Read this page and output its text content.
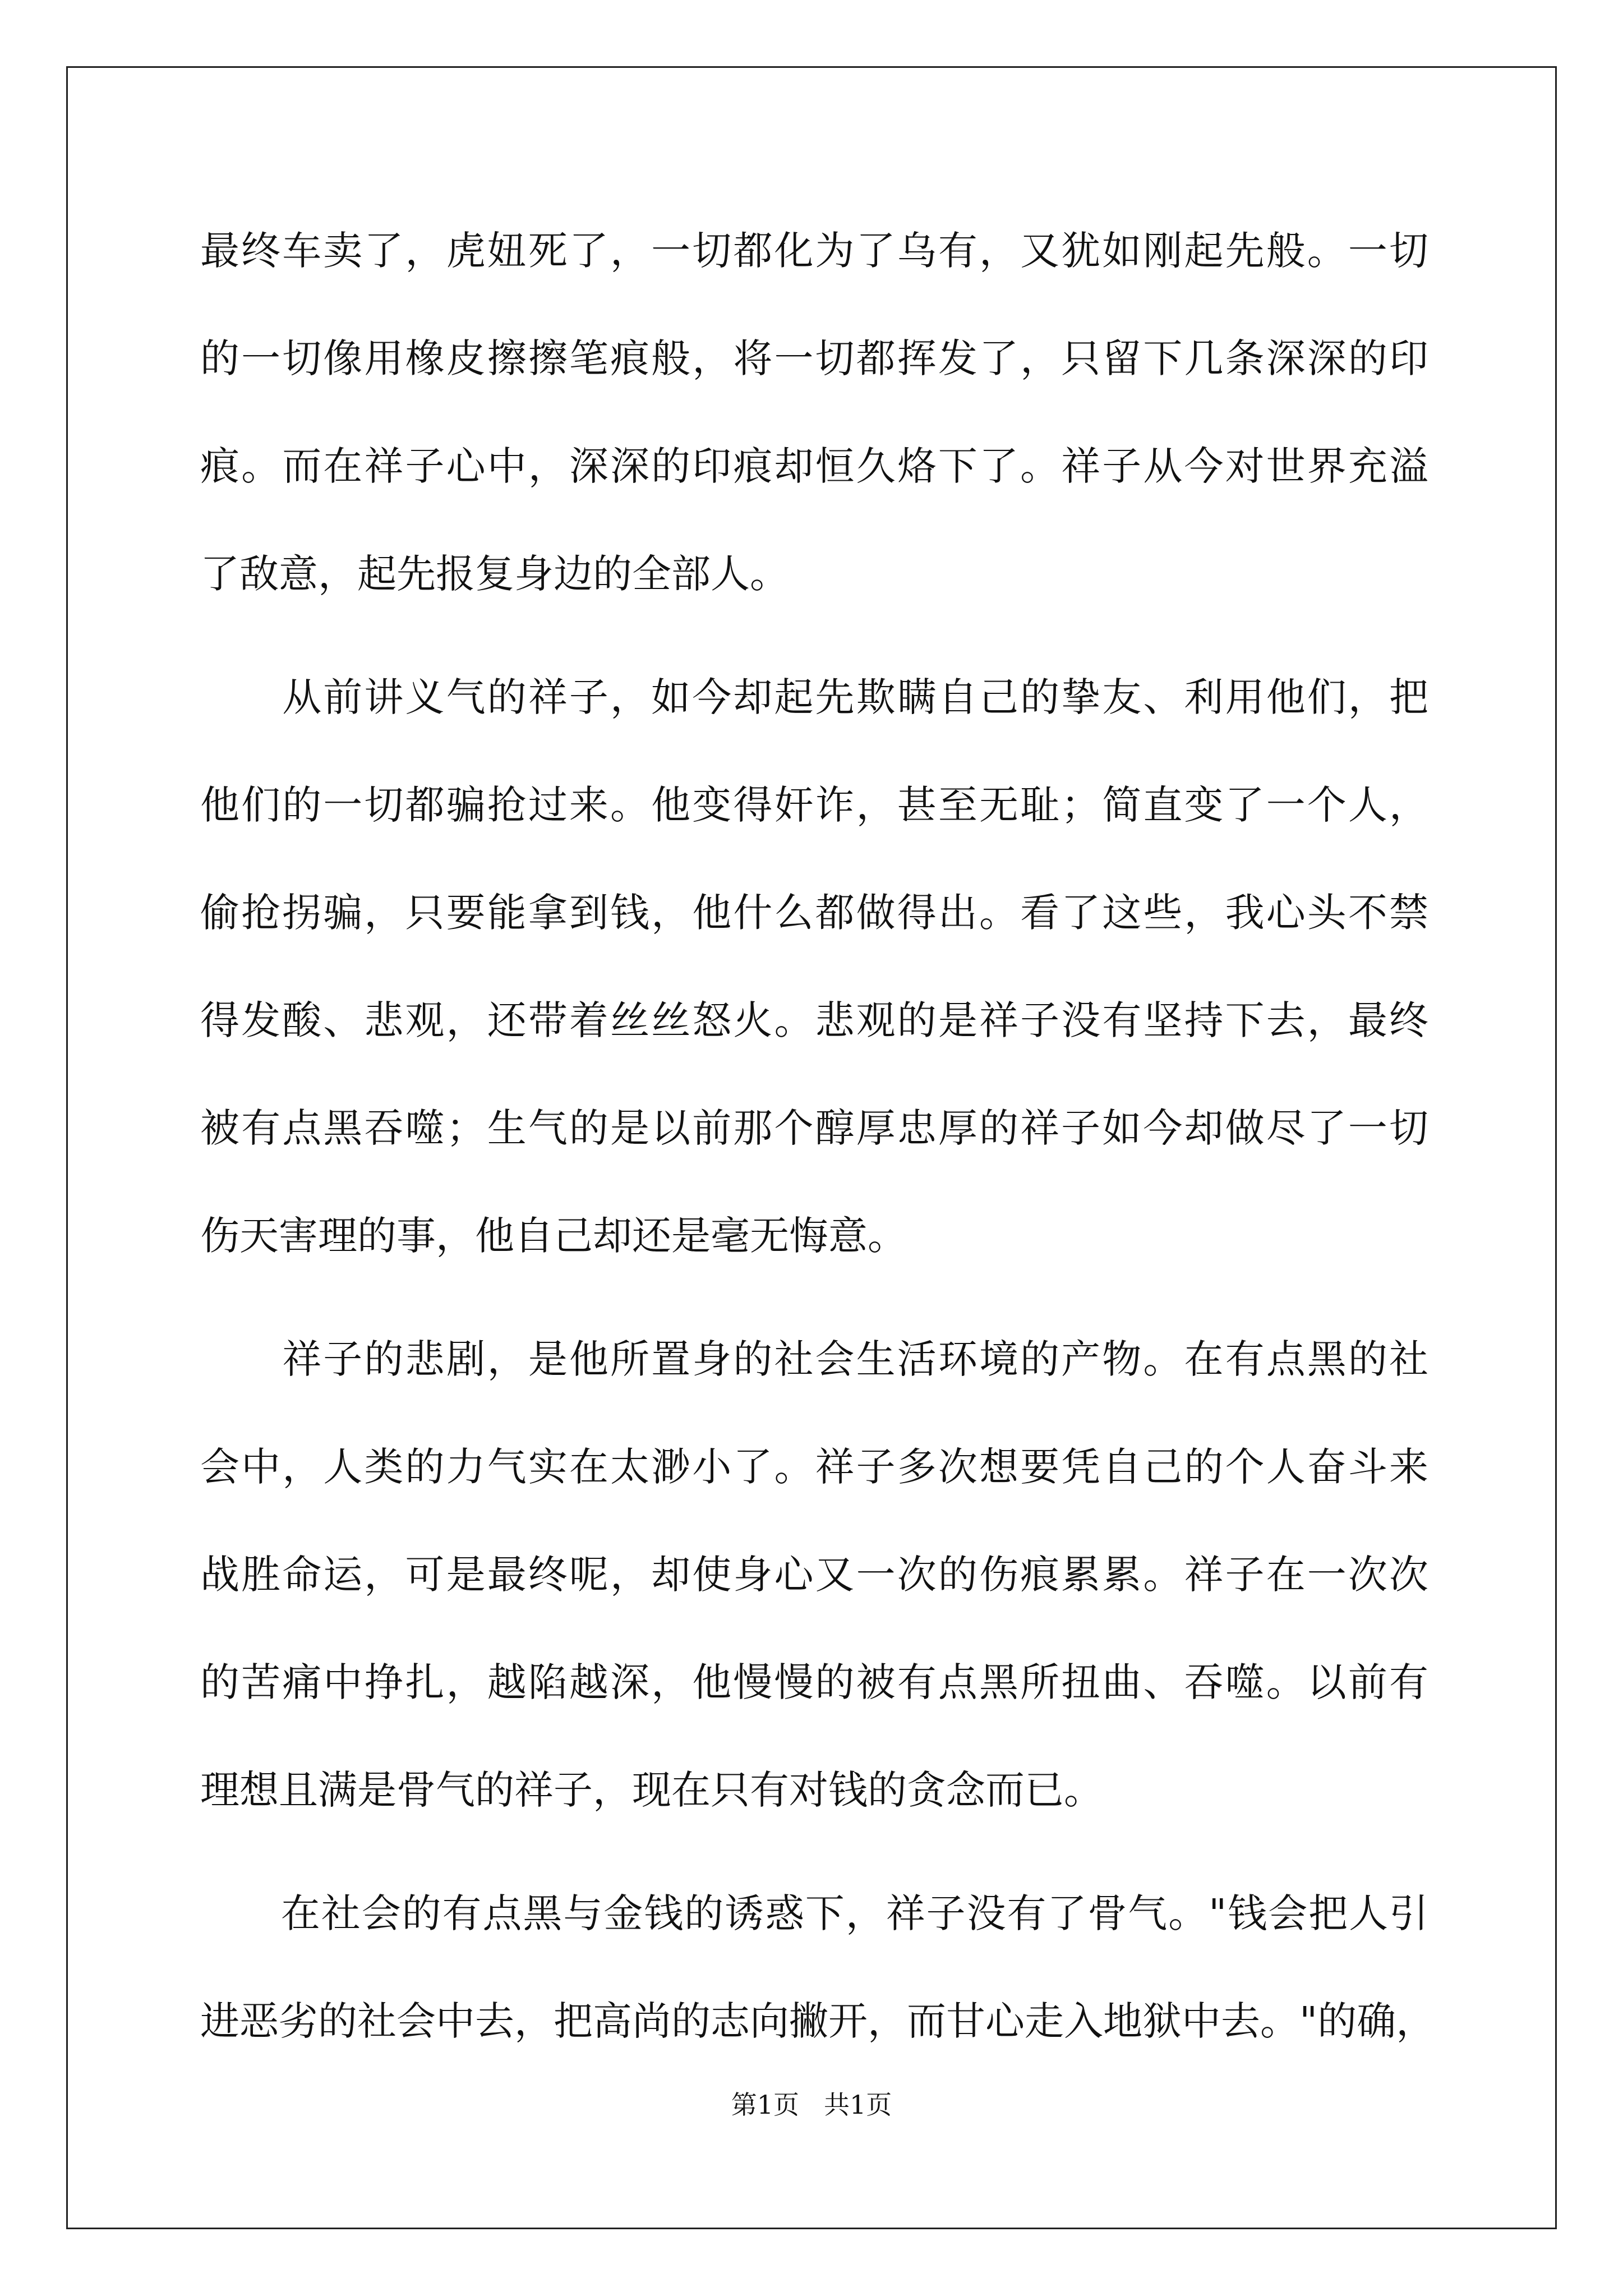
最终车卖了，虎妞死了，一切都化为了乌有，又犹如刚起先般。一切
的一切像用橡皮擦擦笔痕般，将一切都挥发了，只留下几条深深的印
痕。而在祥子心中，深深的印痕却恒久烙下了。祥子从今对世界充溢
了敌意，起先报复身边的全部人。
　　从前讲义气的祥子，如今却起先欺瞒自己的挚友、利用他们，把
他们的一切都骗抢过来。他变得奸诈，甚至无耻；简直变了一个人，
偷抢拐骗，只要能拿到钱，他什么都做得出。看了这些，我心头不禁
得发酸、悲观，还带着丝丝怒火。悲观的是祥子没有坚持下去，最终
被有点黑吞噬；生气的是以前那个醇厚忠厚的祥子如今却做尽了一切
伤天害理的事，他自己却还是毫无悔意。
　　祥子的悲剧，是他所置身的社会生活环境的产物。在有点黑的社
会中，人类的力气实在太渺小了。祥子多次想要凭自己的个人奋斗来
战胜命运，可是最终呢，却使身心又一次的伤痕累累。祥子在一次次
的苦痛中挣扎，越陷越深，他慢慢的被有点黑所扭曲、吞噬。以前有
理想且满是骨气的祥子，现在只有对钱的贪念而已。
　　在社会的有点黑与金钱的诱惑下，祥子没有了骨气。"钱会把人引
进恶劣的社会中去，把高尚的志向撇开，而甘心走入地狱中去。"的确，
第1页 共1页
